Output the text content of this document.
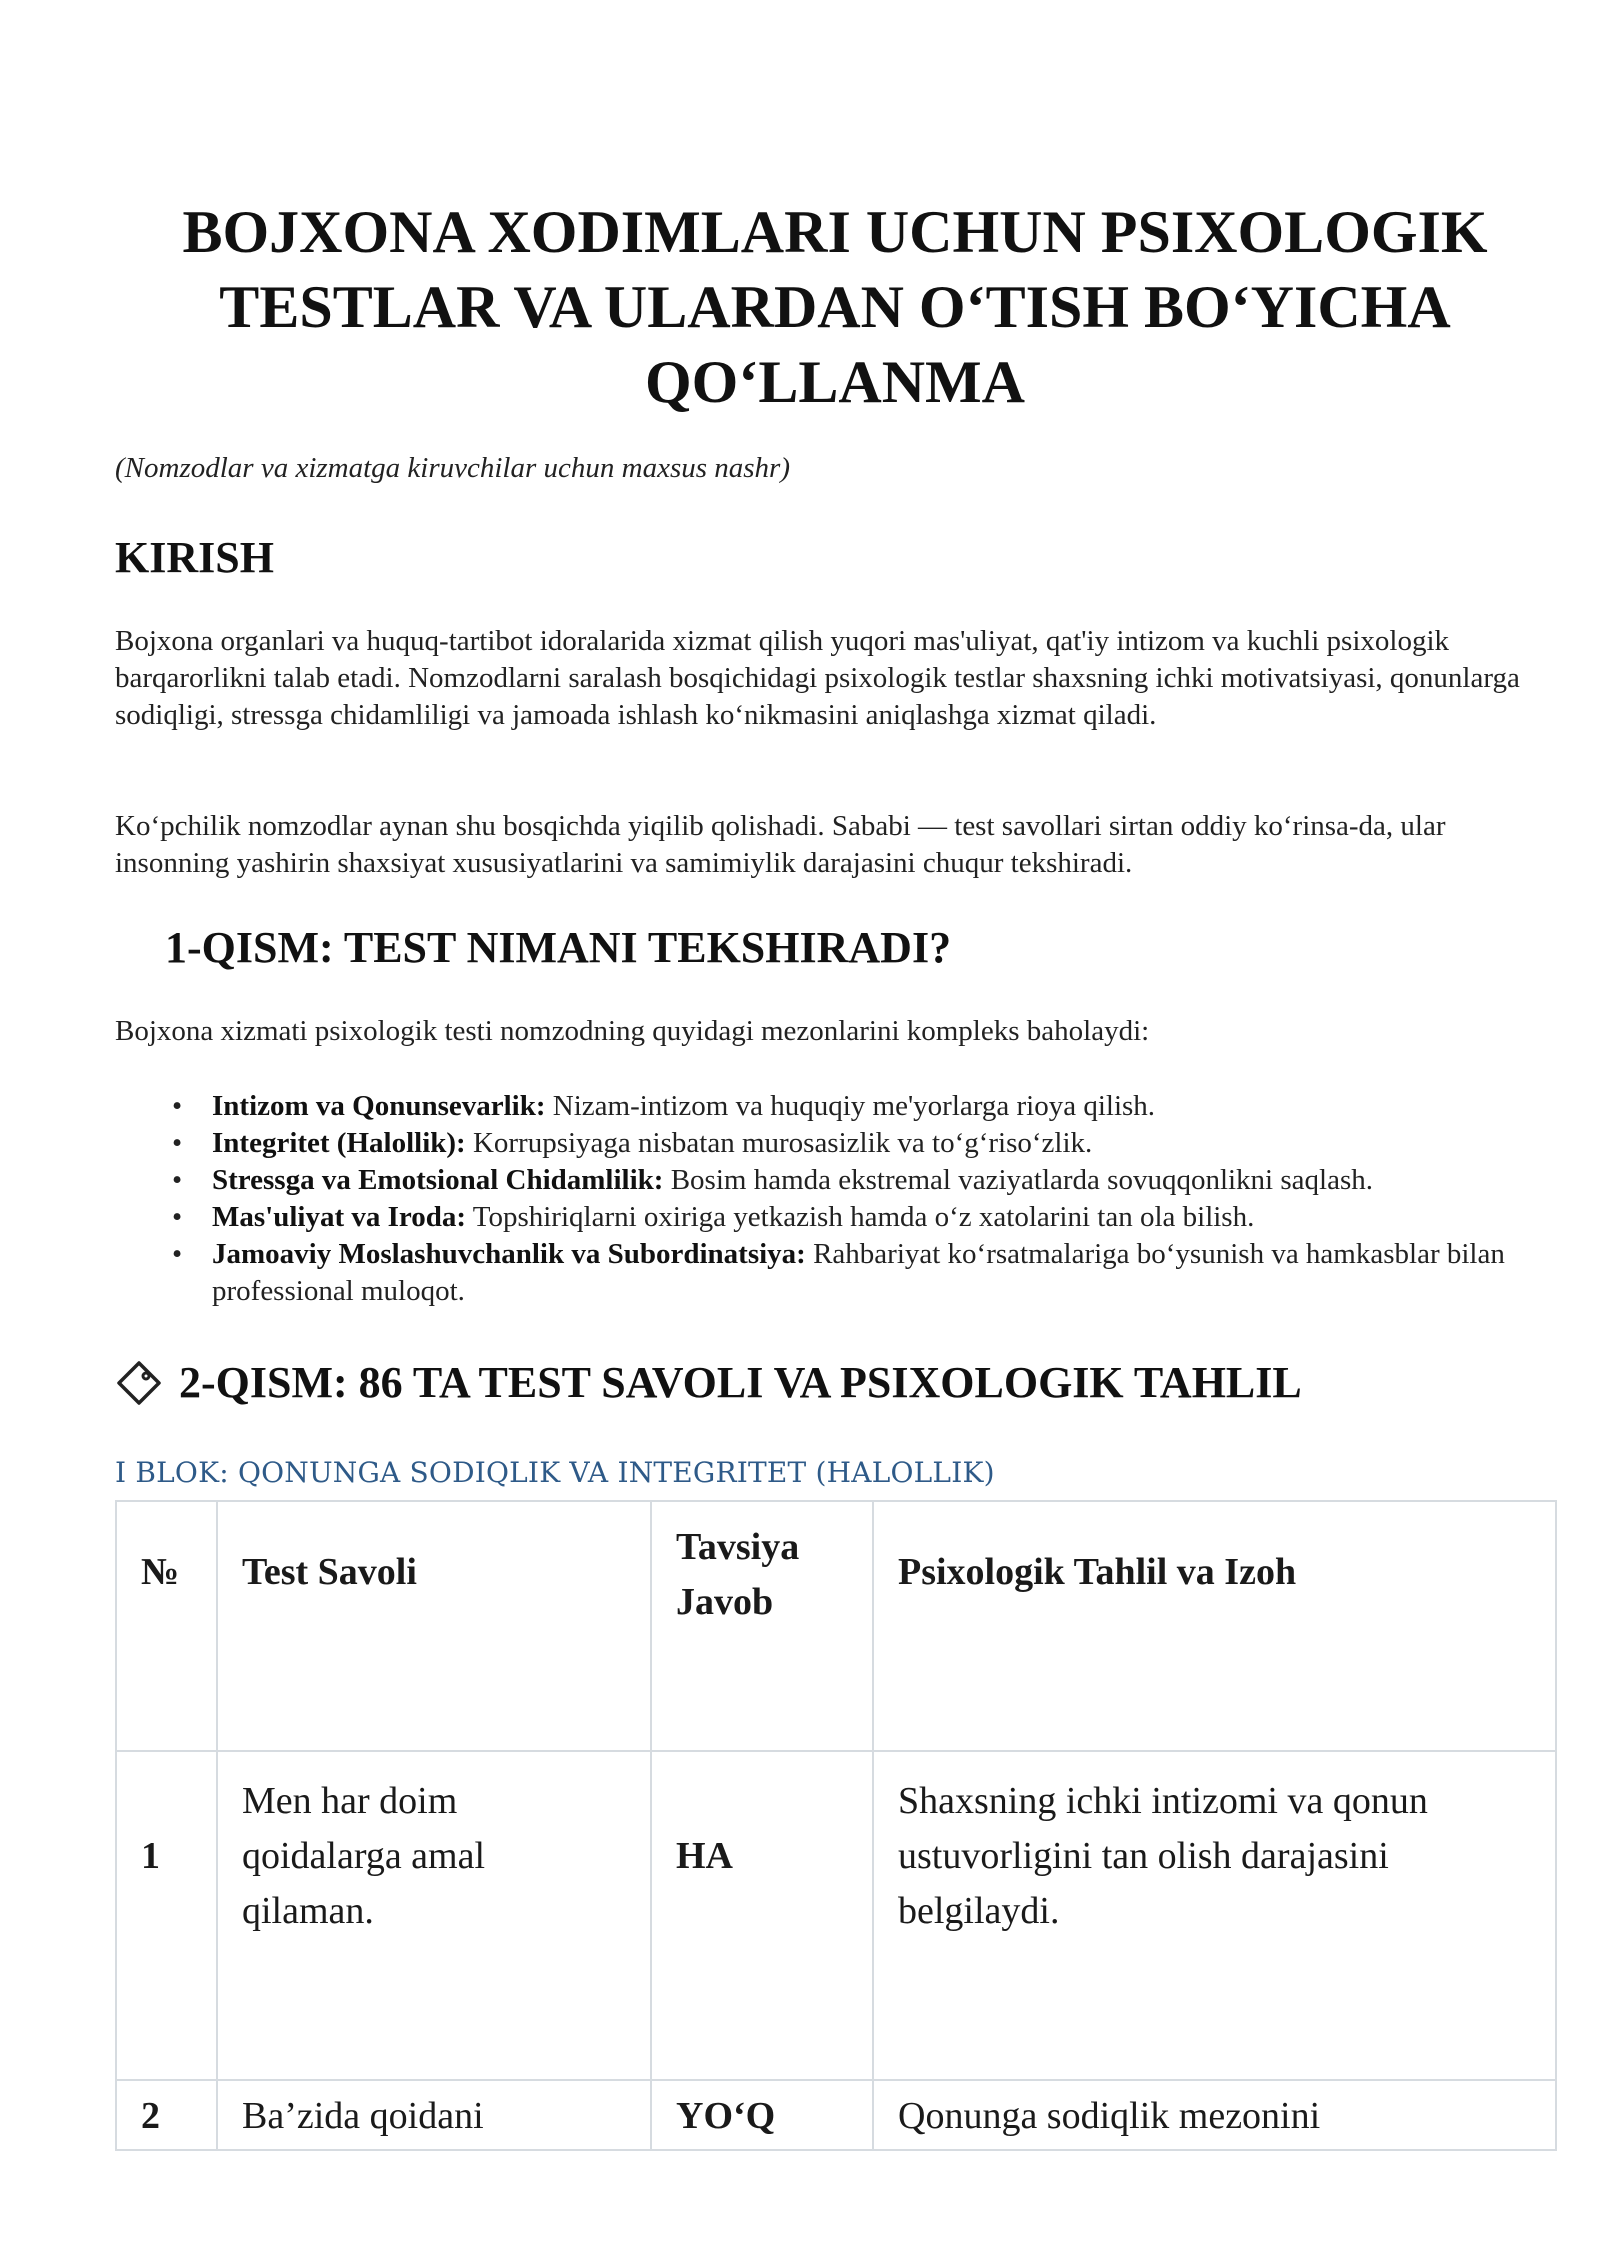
BOJXONA XODIMLARI UCHUN PSIXOLOGIK TESTLAR VA ULARDAN O‘TISH BO‘YICHA QO‘LLANMA

(Nomzodlar va xizmatga kiruvchilar uchun maxsus nashr)

KIRISH

Bojxona organlari va huquq-tartibot idoralarida xizmat qilish yuqori mas'uliyat, qat'iy intizom va kuchli psixologik barqarorlikni talab etadi. Nomzodlarni saralash bosqichidagi psixologik testlar shaxsning ichki motivatsiyasi, qonunlarga sodiqligi, stressga chidamliligi va jamoada ishlash ko‘nikmasini aniqlashga xizmat qiladi.

Ko‘pchilik nomzodlar aynan shu bosqichda yiqilib qolishadi. Sababi — test savollari sirtan oddiy ko‘rinsa-da, ular insonning yashirin shaxsiyat xususiyatlarini va samimiylik darajasini chuqur tekshiradi.

1-QISM: TEST NIMANI TEKSHIRADI?

Bojxona xizmati psixologik testi nomzodning quyidagi mezonlarini kompleks baholaydi:

• Intizom va Qonunsevarlik: Nizam-intizom va huquqiy me'yorlarga rioya qilish.
• Integritet (Halollik): Korrupsiyaga nisbatan murosasizlik va to‘g‘riso‘zlik.
• Stressga va Emotsional Chidamlilik: Bosim hamda ekstremal vaziyatlarda sovuqqonlikni saqlash.
• Mas'uliyat va Iroda: Topshiriqlarni oxiriga yetkazish hamda o‘z xatolarini tan ola bilish.
• Jamoaviy Moslashuvchanlik va Subordinatsiya: Rahbariyat ko‘rsatmalariga bo‘ysunish va hamkasblar bilan professional muloqot.
2-QISM: 86 TA TEST SAVOLI VA PSIXOLOGIK TAHLIL

I BLOK: QONUNGA SODIQLIK VA INTEGRITET (HALOLLIK)

№	Test Savoli	Tavsiya Javob	Psixologik Tahlil va Izoh
1	Men har doim qoidalarga amal qilaman.	HA	Shaxsning ichki intizomi va qonun ustuvorligini tan olish darajasini belgilaydi.
2	Ba’zida qoidani	YO‘Q	Qonunga sodiqlik mezonini
